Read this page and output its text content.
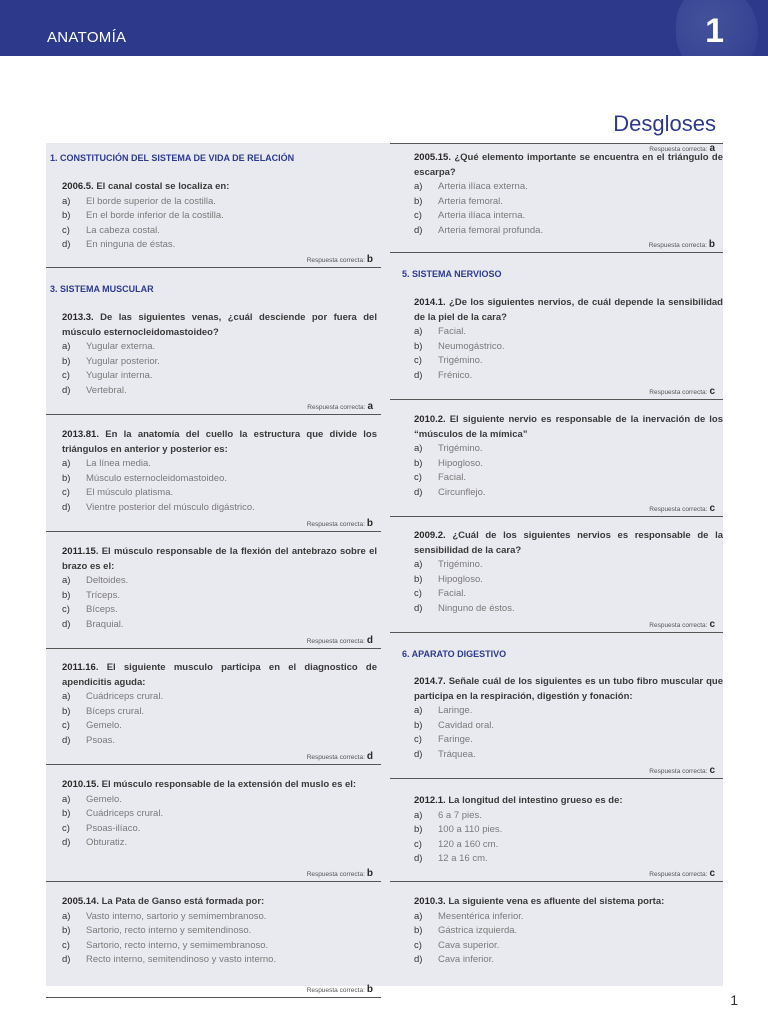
ANATOMÍA	1
Desgloses
1. CONSTITUCIÓN DEL SISTEMA DE VIDA DE RELACIÓN

2006.5. El canal costal se localiza en:

a)	El borde superior de la costilla.
b)	En el borde inferior de la costilla.
c)	La cabeza costal.
d)	En ninguna de éstas.
3. SISTEMA MUSCULAR

2013.3. De las siguientes venas, ¿cuál desciende por fuera del músculo esternocleidomastoideo?

a)	Yugular externa.
b)	Yugular posterior.
c)	Yugular interna.
d)	Vertebral.

2013.81. En la anatomía del cuello la estructura que divide los triángulos en anterior y posterior es:

a)	La línea media.
b)	Músculo esternocleidomastoideo.
c)	El músculo platisma.
d)	Vientre posterior del músculo digástrico.

2011.15. El músculo responsable de la flexión del antebrazo sobre el brazo es el:

a)	Deltoides.
b)	Tríceps.
c)	Bíceps.
d)	Braquial.

2011.16. El siguiente musculo participa en el diagnostico de apendicitis aguda:

a)	Cuádriceps crural.
b)	Bíceps crural.
c)	Gemelo.
d)	Psoas.

2010.15. El músculo responsable de la extensión del muslo es el:

a)	Gemelo.
b)	Cuádriceps crural.
c)	Psoas-ilíaco.
d)	Obturatiz.

2005.14. La Pata de Ganso está formada por:

a)	Vasto interno, sartorio y semimembranoso.
b)	Sartorio, recto interno y semitendinoso.
c)	Sartorio, recto interno, y semimembranoso.
d)	Recto interno, semitendinoso y vasto interno.
Respuesta correcta: b
Respuesta correcta: a
Respuesta correcta: b
Respuesta correcta: d
Respuesta correcta: d
Respuesta correcta: b
Respuesta correcta: b

2005.15. ¿Qué elemento importante se encuentra en el triángulo de escarpa?

a)	Arteria ilíaca externa.
b)	Arteria femoral.
c)	Arteria ilíaca interna.
d)	Arteria femoral profunda.
5. SISTEMA NERVIOSO

2014.1. ¿De los siguientes nervios, de cuál depende la sensibilidad de la piel de la cara?

a)	Facial.
b)	Neumogástrico.
c)	Trigémino.
d)	Frénico.

2010.2. El siguiente nervio es responsable de la inervación de los “músculos de la mímica”

a)	Trigémino.
b)	Hipogloso.
c)	Facial.
d)	Circunflejo.

2009.2. ¿Cuál de los siguientes nervios es responsable de la sensibilidad de la cara?

a)	Trigémino.
b)	Hipogloso.
c)	Facial.
d)	Ninguno de éstos.
6. APARATO DIGESTIVO

2014.7. Señale cuál de los siguientes es un tubo fibro muscular que participa en la respiración, digestión y fonación:

a)	Laringe.
b)	Cavidad oral.
c)	Faringe.
d)	Tráquea.

2012.1. La longitud del intestino grueso es de:

a)	6 a 7 pies.
b)	100 a 110 pies.
c)	120 a 160 cm.
d)	12 a 16 cm.

2010.3. La siguiente vena es afluente del sistema porta:

a)	Mesentérica inferior.
b)	Gástrica izquierda.
c)	Cava superior.
d)	Cava inferior.
Respuesta correcta: b
Respuesta correcta: c
Respuesta correcta: c
Respuesta correcta: c
Respuesta correcta: c
Respuesta correcta: c
Respuesta correcta: a
1
